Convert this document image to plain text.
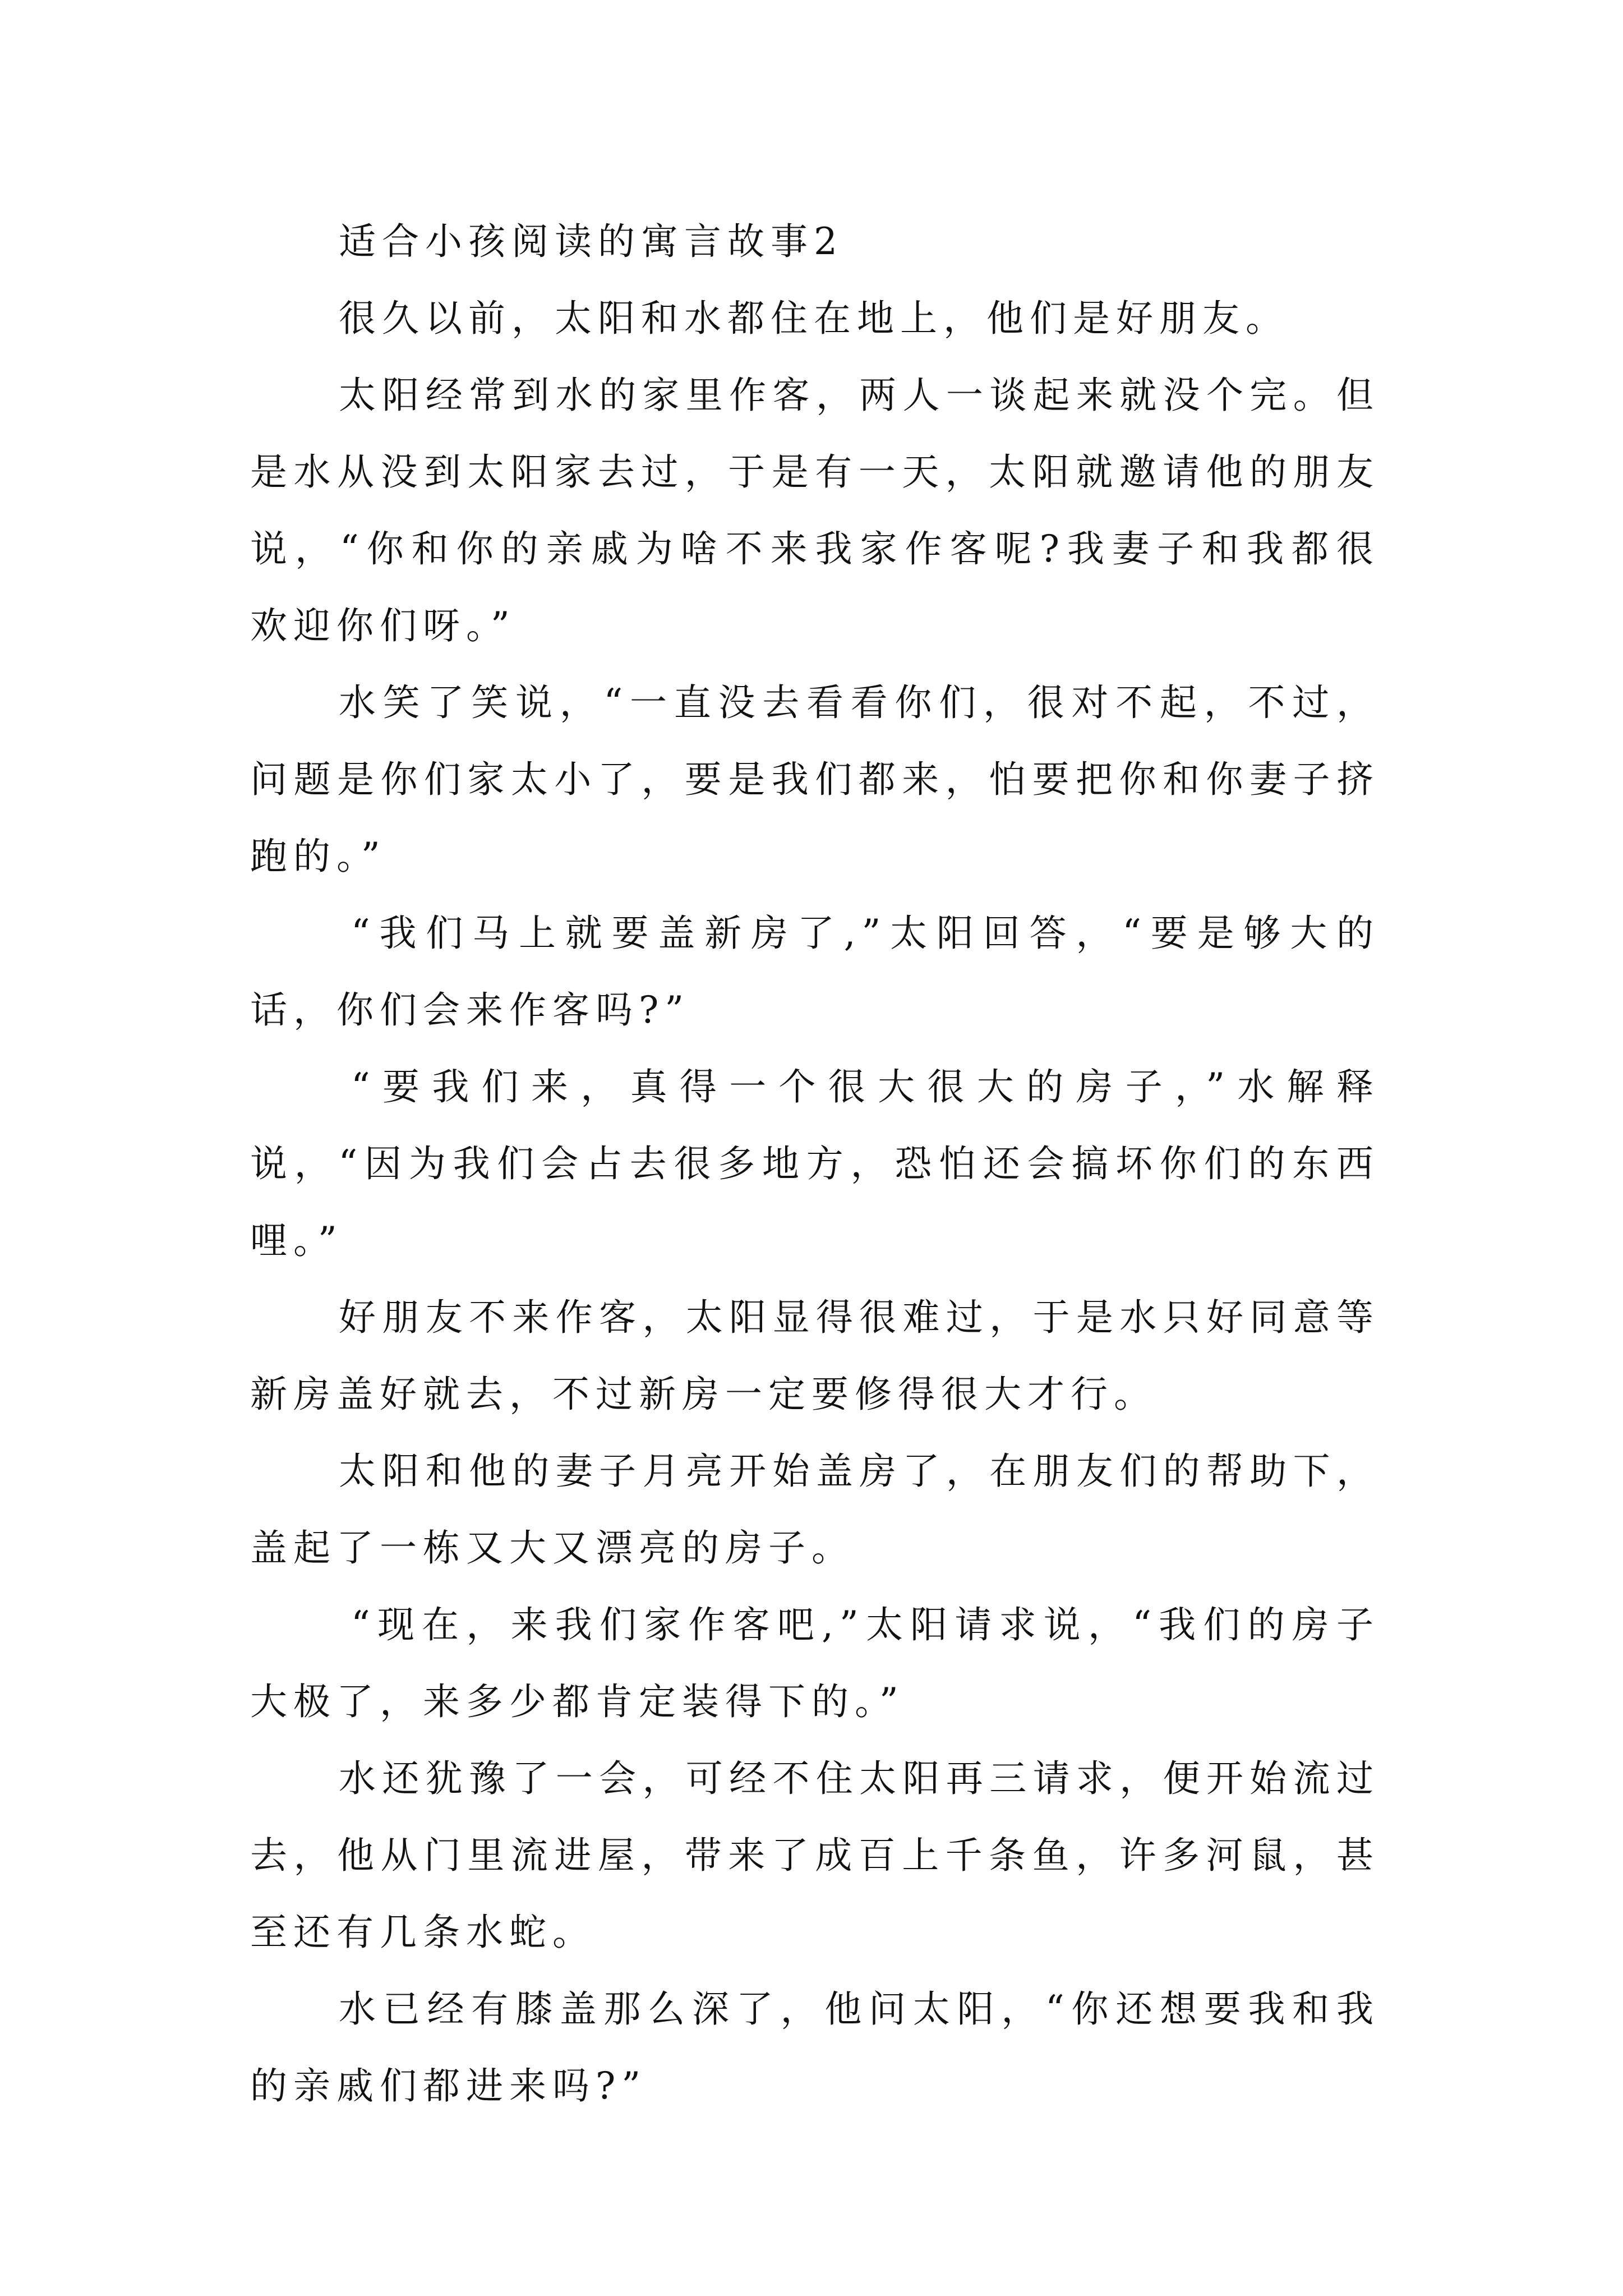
适合小孩阅读的寓言故事2

很久以前，太阳和水都住在地上，他们是好朋友。

太阳经常到水的家里作客，两人一谈起来就没个完。但是水从没到太阳家去过，于是有一天，太阳就邀请他的朋友说，“你和你的亲戚为啥不来我家作客呢?我妻子和我都很欢迎你们呀。”

水笑了笑说，“一直没去看看你们，很对不起，不过，问题是你们家太小了，要是我们都来，怕要把你和你妻子挤跑的。”

“我们马上就要盖新房了,”太阳回答，“要是够大的话，你们会来作客吗?”

“要我们来，真得一个很大很大的房子，”水解释说，“因为我们会占去很多地方，恐怕还会搞坏你们的东西哩。”

好朋友不来作客，太阳显得很难过，于是水只好同意等新房盖好就去，不过新房一定要修得很大才行。

太阳和他的妻子月亮开始盖房了，在朋友们的帮助下，盖起了一栋又大又漂亮的房子。

“现在，来我们家作客吧,”太阳请求说，“我们的房子大极了，来多少都肯定装得下的。”

水还犹豫了一会，可经不住太阳再三请求，便开始流过去，他从门里流进屋，带来了成百上千条鱼，许多河鼠，甚至还有几条水蛇。

水已经有膝盖那么深了，他问太阳，“你还想要我和我的亲戚们都进来吗?”
